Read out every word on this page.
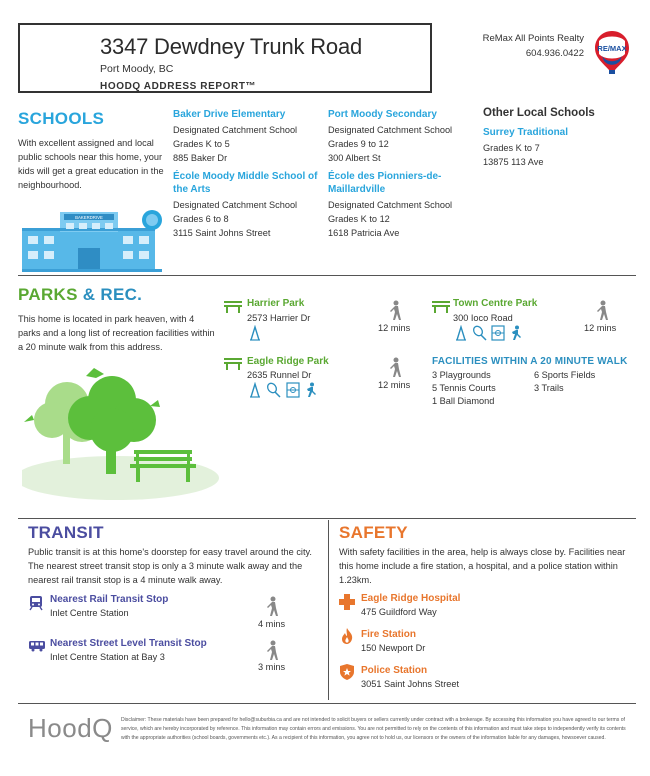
3347 Dewdney Trunk Road
Port Moody, BC
HOODQ ADDRESS REPORT™
ReMax All Points Realty
604.936.0422 RE/MAX
SCHOOLS
With excellent assigned and local public schools near this home, your kids will get a great education in the neighbourhood.
BAKERDRIVE
Baker Drive Elementary
Designated Catchment School
Grades K to 5
885 Baker Dr
École Moody Middle School of the Arts
Designated Catchment School
Grades 6 to 8
3115 Saint Johns Street
Port Moody Secondary
Designated Catchment School
Grades 9 to 12
300 Albert St
École des Pionniers-de-Maillardville
Designated Catchment School
Grades K to 12
1618 Patricia Ave
Other Local Schools
Surrey Traditional
Grades K to 7
13875 113 Ave
PARKS & REC.
This home is located in park heaven, with 4 parks and a long list of recreation facilities within a 20 minute walk from this address.
Harrier Park
2573 Harrier Dr
12 mins
Town Centre Park
300 Ioco Road
12 mins
Eagle Ridge Park
2635 Runnel Dr
12 mins
FACILITIES WITHIN A 20 MINUTE WALK
3 Playgrounds	6 Sports Fields
5 Tennis Courts	3 Trails
1 Ball Diamond
TRANSIT
Public transit is at this home's doorstep for easy travel around the city. The nearest street transit stop is only a 3 minute walk away and the nearest rail transit stop is a 4 minute walk away.
Nearest Rail Transit Stop
Inlet Centre Station
4 mins
Nearest Street Level Transit Stop
Inlet Centre Station at Bay 3
3 mins
SAFETY
With safety facilities in the area, help is always close by. Facilities near this home include a fire station, a hospital, and a police station within 1.23km.
Eagle Ridge Hospital
475 Guildford Way
Fire Station
150 Newport Dr
Police Station
3051 Saint Johns Street
HoodQ Disclaimer: These materials have been prepared for hello@suburbia.ca and are not intended to solicit buyers or sellers currently under contract with a brokerage. By accessing this information you have agreed to our terms of service, which are hereby incorporated by reference. This information may contain errors and emissions. You are not permitted to rely on the contents of this information and must take steps to independently verify its contents with the appropriate authorities (school boards, governments etc.). As a recipient of this information, you agree not to hold us, our licensors or the owners of the information liable for any damages, howsoever caused.
